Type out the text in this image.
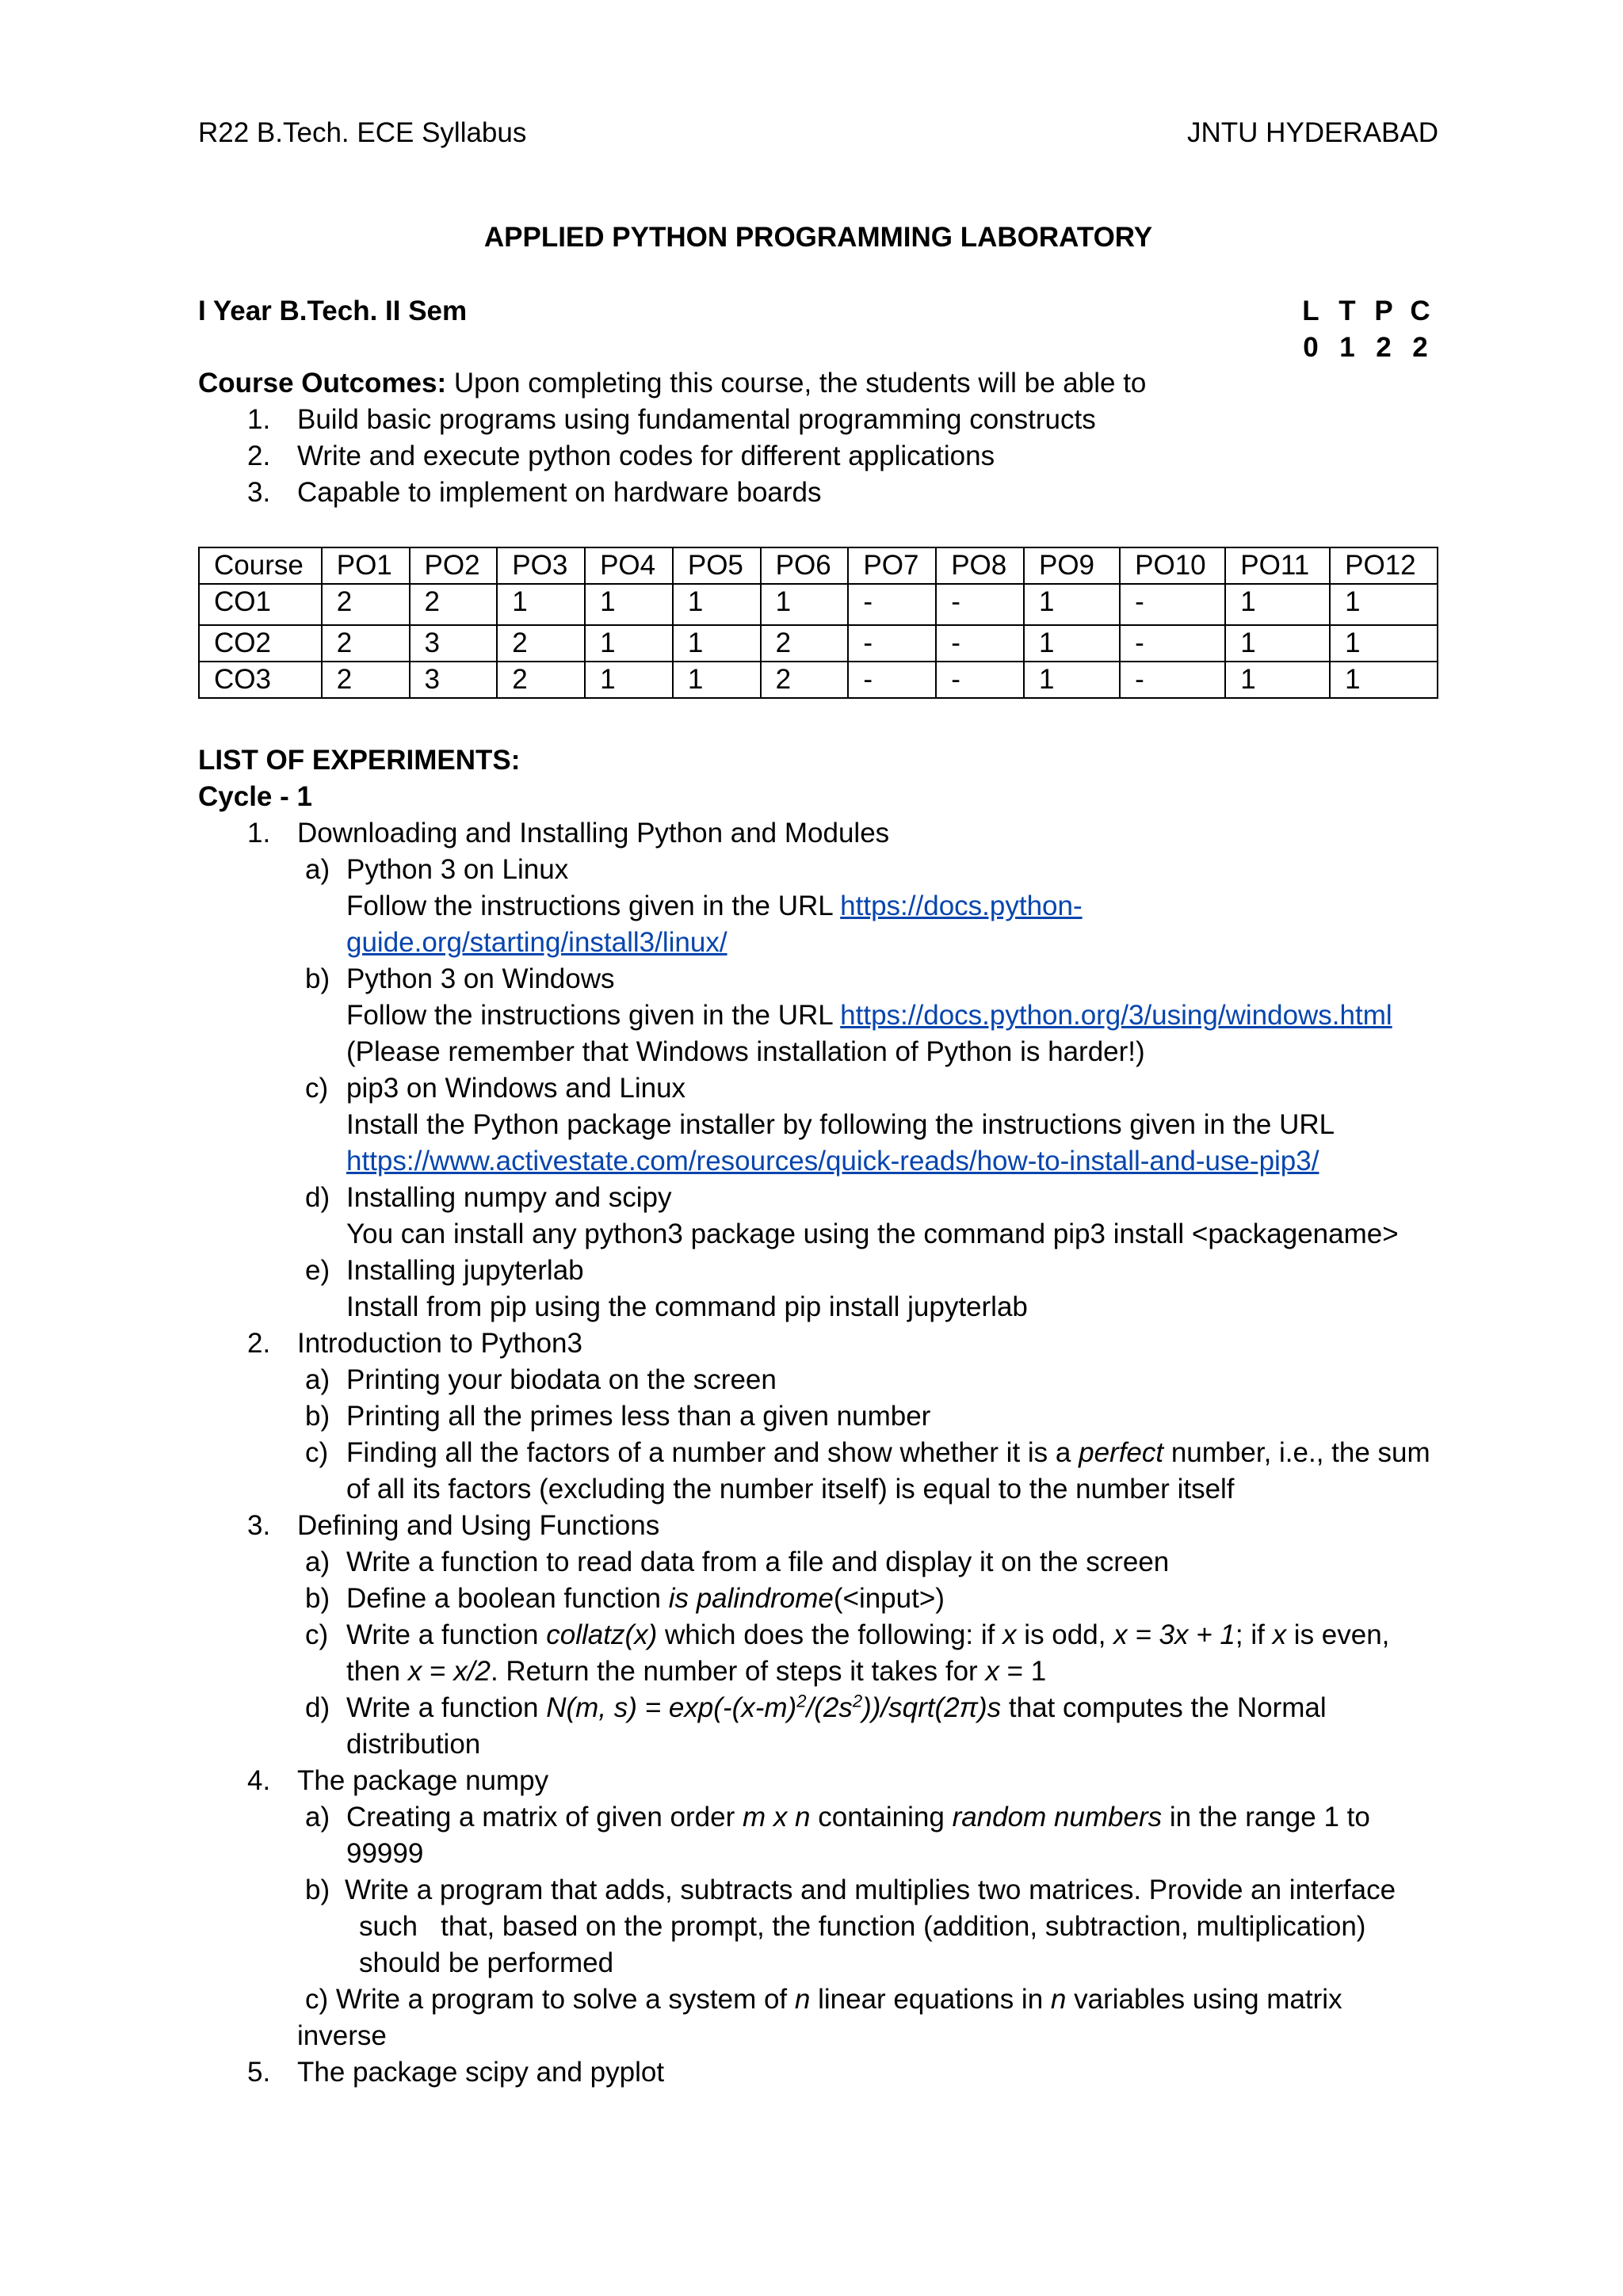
R22 B.Tech. ECE Syllabus	JNTU HYDERABAD
APPLIED PYTHON PROGRAMMING LABORATORY
I Year B.Tech. II Sem	L T P C
0 1 2 2
Course Outcomes: Upon completing this course, the students will be able to
1. Build basic programs using fundamental programming constructs
2. Write and execute python codes for different applications
3. Capable to implement on hardware boards
Course	PO1	PO2	PO3	PO4	PO5	PO6	PO7	PO8	PO9	PO10	PO11	PO12
CO1	2	2	1	1	1	1	-	-	1	-	1	1
CO2	2	3	2	1	1	2	-	-	1	-	1	1
CO3	2	3	2	1	1	2	-	-	1	-	1	1
LIST OF EXPERIMENTS:
Cycle - 1
1. Downloading and Installing Python and Modules
a) Python 3 on Linux
Follow the instructions given in the URL https://docs.python-
guide.org/starting/install3/linux/
b) Python 3 on Windows
Follow the instructions given in the URL https://docs.python.org/3/using/windows.html
(Please remember that Windows installation of Python is harder!)
c) pip3 on Windows and Linux
Install the Python package installer by following the instructions given in the URL
https://www.activestate.com/resources/quick-reads/how-to-install-and-use-pip3/
d) Installing numpy and scipy
You can install any python3 package using the command pip3 install <packagename>
e) Installing jupyterlab
Install from pip using the command pip install jupyterlab
2. Introduction to Python3
a) Printing your biodata on the screen
b) Printing all the primes less than a given number
c) Finding all the factors of a number and show whether it is a perfect number, i.e., the sum
of all its factors (excluding the number itself) is equal to the number itself
3. Defining and Using Functions
a) Write a function to read data from a file and display it on the screen
b) Define a boolean function is palindrome(<input>)
c) Write a function collatz(x) which does the following: if x is odd, x = 3x + 1; if x is even,
then x = x/2. Return the number of steps it takes for x = 1
d) Write a function N(m, $s) = \exp(-(x-m)^2/(2s^2))/sqrt(2\pi)s$ that computes the Normal
distribution
4. The package numpy
a) Creating a matrix of given order m x n containing random numbers in the range 1 to
99999
b) Write a program that adds, subtracts and multiplies two matrices. Provide an interface
such   that, based on the prompt, the function (addition, subtraction, multiplication)
should be performed
c) Write a program to solve a system of n linear equations in n variables using matrix
inverse
5. The package scipy and pyplot
